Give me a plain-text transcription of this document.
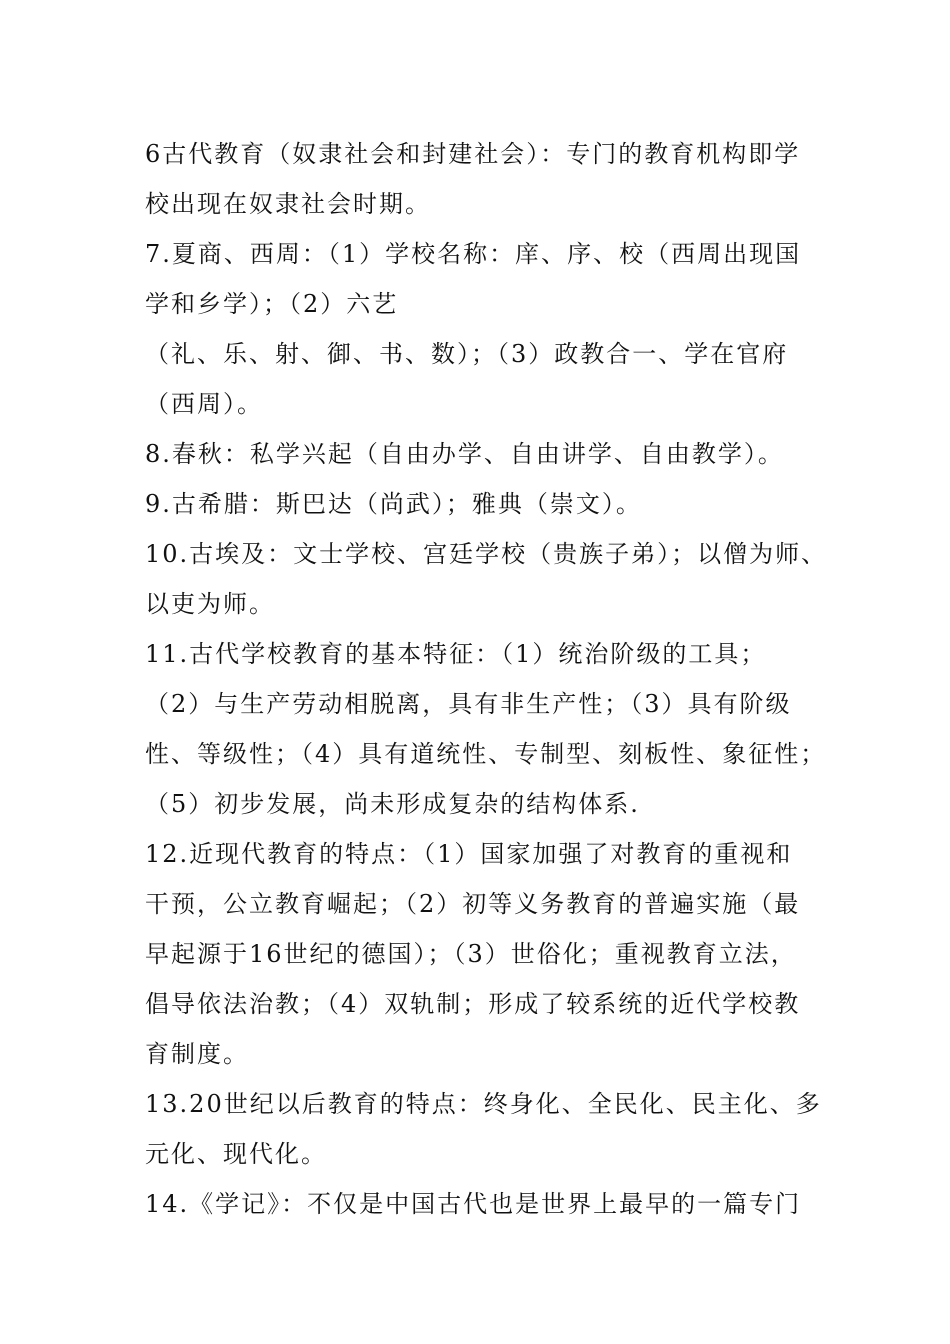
6古代教育（奴隶社会和封建社会）：专门的教育机构即学
校出现在奴隶社会时期。
7.夏商、西周：（1）学校名称：庠、序、校（西周出现国
学和乡学）；（2）六艺
（礼、乐、射、御、书、数）；（3）政教合一、学在官府
（西周）。
8.春秋：私学兴起（自由办学、自由讲学、自由教学）。
9.古希腊：斯巴达（尚武）；雅典（崇文）。
10.古埃及：文士学校、宫廷学校（贵族子弟）；以僧为师、
以吏为师。
11.古代学校教育的基本特征：（1）统治阶级的工具；
（2）与生产劳动相脱离，具有非生产性；（3）具有阶级
性、等级性；（4）具有道统性、专制型、刻板性、象征性；
（5）初步发展，尚未形成复杂的结构体系.
12.近现代教育的特点：（1）国家加强了对教育的重视和
干预，公立教育崛起；（2）初等义务教育的普遍实施（最
早起源于16世纪的德国）；（3）世俗化；重视教育立法，
倡导依法治教；（4）双轨制；形成了较系统的近代学校教
育制度。
13.20世纪以后教育的特点：终身化、全民化、民主化、多
元化、现代化。
14.《学记》：不仅是中国古代也是世界上最早的一篇专门
